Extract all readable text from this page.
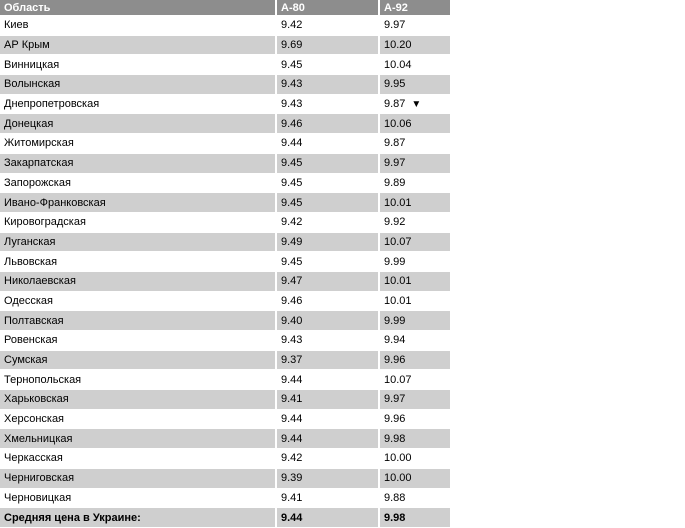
Область	А-80	А-92
Киев	9.42	9.97
АР Крым	9.69	10.20
Винницкая	9.45	10.04
Волынская	9.43	9.95
Днепропетровская	9.43	9.87 ▼
Донецкая	9.46	10.06
Житомирская	9.44	9.87
Закарпатская	9.45	9.97
Запорожская	9.45	9.89
Ивано-Франковская	9.45	10.01
Кировоградская	9.42	9.92
Луганская	9.49	10.07
Львовская	9.45	9.99
Николаевская	9.47	10.01
Одесская	9.46	10.01
Полтавская	9.40	9.99
Ровенская	9.43	9.94
Сумская	9.37	9.96
Тернопольская	9.44	10.07
Харьковская	9.41	9.97
Херсонская	9.44	9.96
Хмельницкая	9.44	9.98
Черкасская	9.42	10.00
Черниговская	9.39	10.00
Черновицкая	9.41	9.88
Средняя цена в Украине:	9.44	9.98
